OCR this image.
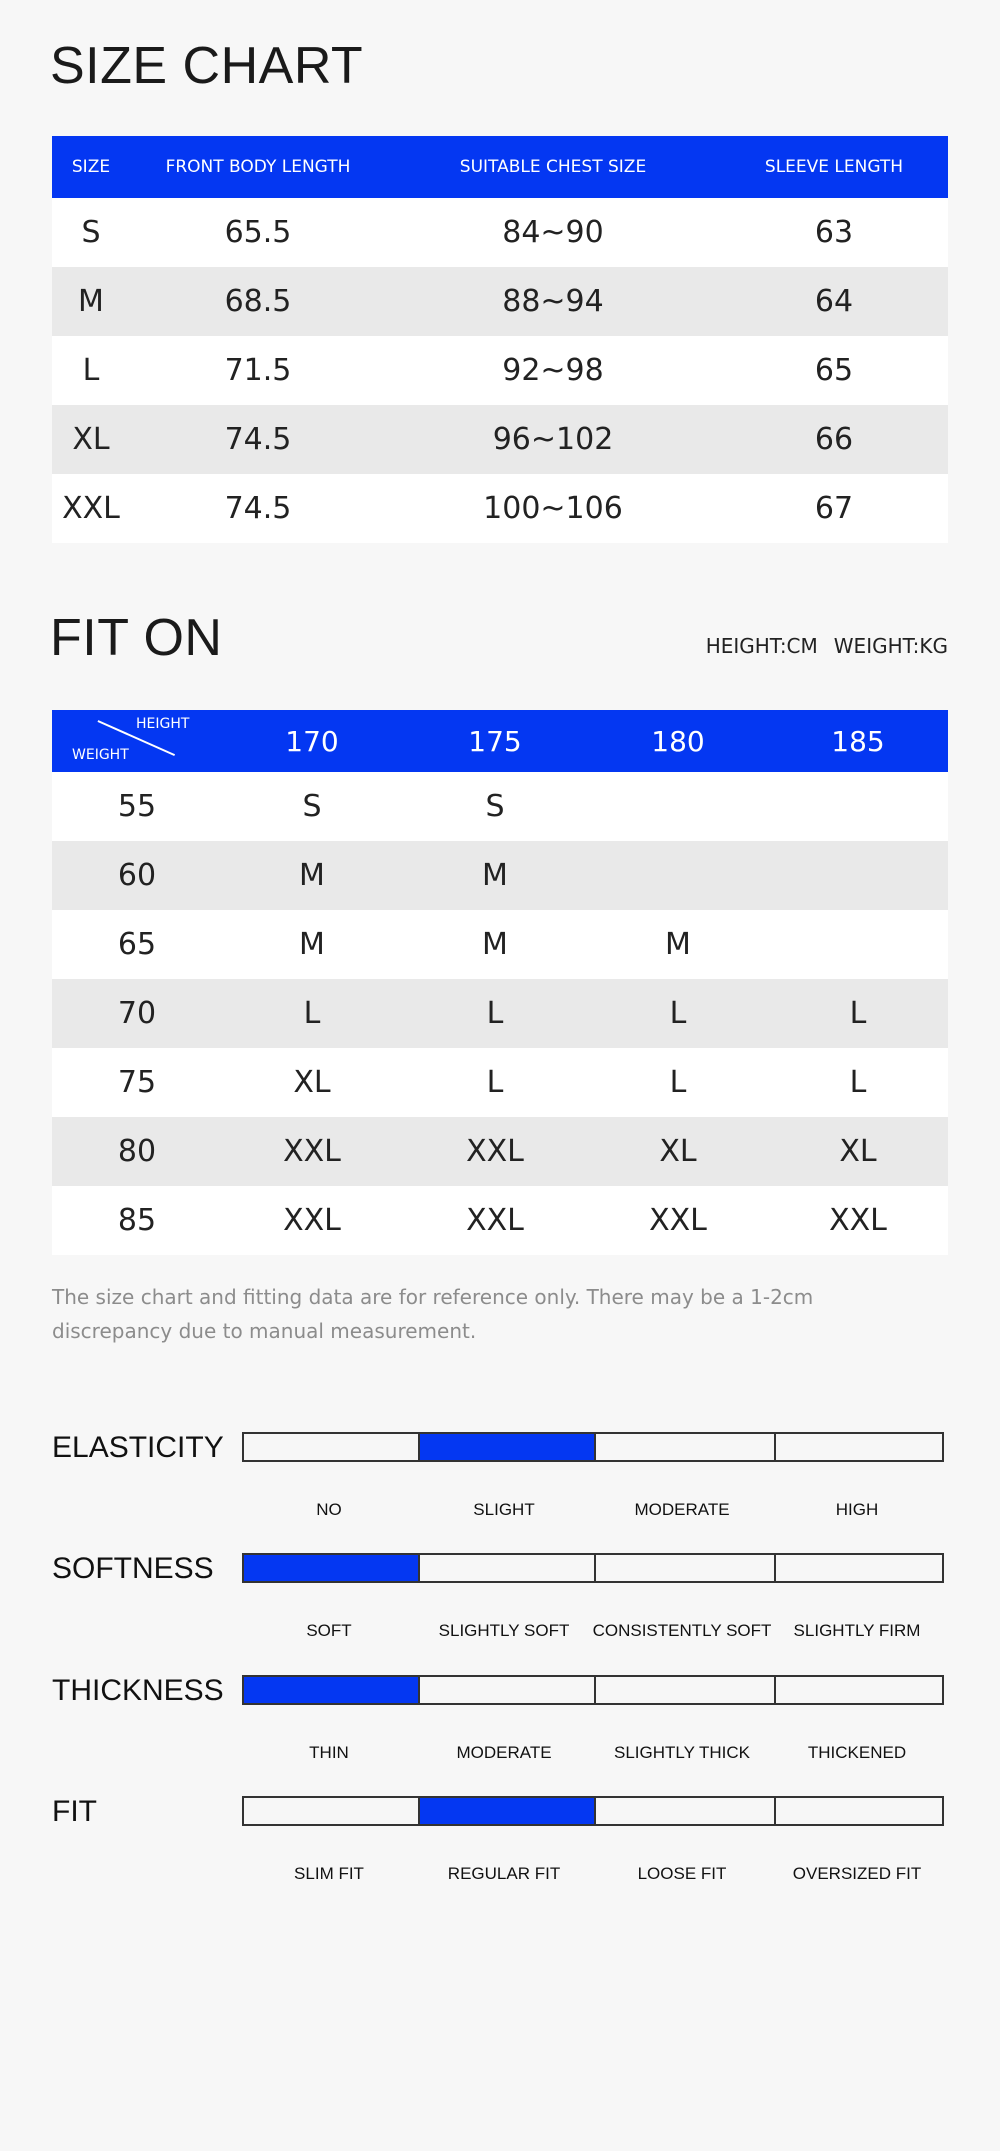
SIZE CHART
SIZE	FRONT BODY LENGTH	SUITABLE CHEST SIZE	SLEEVE LENGTH
S	65.5	84~90	63
M	68.5	88~94	64
L	71.5	92~98	65
XL	74.5	96~102	66
XXL	74.5	100~106	67
FIT ON	HEIGHT:CM WEIGHT:KG
HEIGHT
WEIGHT	170	175	180	185
55	S	S		
60	M	M		
65	M	M	M	
70	L	L	L	L
75	XL	L	L	L
80	XXL	XXL	XL	XL
85	XXL	XXL	XXL	XXL

The size chart and fitting data are for reference only. There may be a 1-2cm discrepancy due to manual measurement.

ELASTICITY
NO	SLIGHT	MODERATE	HIGH
SOFTNESS
SOFT	SLIGHTLY SOFT CONSISTENTLY SOFT SLIGHTLY FIRM
THICKNESS
THIN	MODERATE	SLIGHTLY THICK	THICKENED
FIT
SLIM FIT	REGULAR FIT	LOOSE FIT	OVERSIZED FIT
